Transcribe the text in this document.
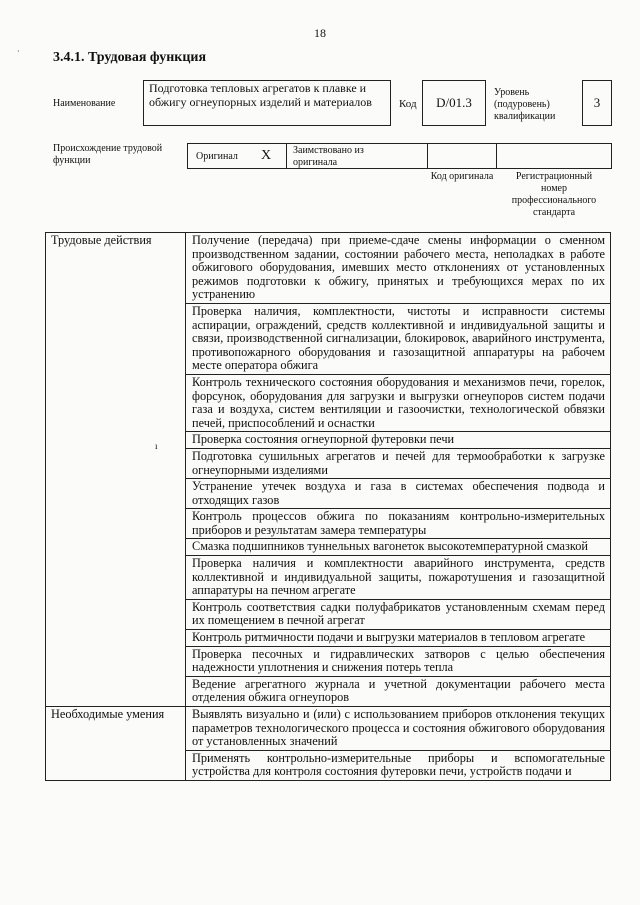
18
3.4.1. Трудовая функция
·
Наименование
Подготовка тепловых агрегатов к плавке и обжигу огнеупорных изделий и материалов	Код D/01.3
Уровень (подуровень) квалификации
3
Происхождение трудовой функции	Оригинал X Заимствовано из оригинала
Код оригинала	Регистрационный номер профессионального стандарта
Трудовые действия	Получение (передача) при приеме-сдаче смены информации о сменном производственном задании, состоянии рабочего места, неполадках в работе обжигового оборудования, имевших место отклонениях от установленных режимов подготовки к обжигу, принятых и требующихся мерах по их устранению
	Проверка наличия, комплектности, чистоты и исправности системы аспирации, ограждений, средств коллективной и индивидуальной защиты и связи, производственной сигнализации, блокировок, аварийного инструмента, противопожарного оборудования и газозащитной аппаратуры на рабочем месте оператора обжига
	Контроль технического состояния оборудования и механизмов печи, горелок, форсунок, оборудования для загрузки и выгрузки огнеупоров систем подачи газа и воздуха, систем вентиляции и газоочистки, технологической обвязки печей, приспособлений и оснастки
	Проверка состояния огнеупорной футеровки печи
	Подготовка сушильных агрегатов и печей для термообработки к загрузке огнеупорными изделиями
	Устранение утечек воздуха и газа в системах обеспечения подвода и отходящих газов
	Контроль процессов обжига по показаниям контрольно-измерительных приборов и результатам замера температуры
	Смазка подшипников туннельных вагонеток высокотемпературной смазкой
	Проверка наличия и комплектности аварийного инструмента, средств коллективной и индивидуальной защиты, пожаротушения и газозащитной аппаратуры на печном агрегате
	Контроль соответствия садки полуфабрикатов установленным схемам перед их помещением в печной агрегат
	Контроль ритмичности подачи и выгрузки материалов в тепловом агрегате
	Проверка песочных и гидравлических затворов с целью обеспечения надежности уплотнения и снижения потерь тепла
	Ведение агрегатного журнала и учетной документации рабочего места отделения обжига огнеупоров
Необходимые умения	Выявлять визуально и (или) с использованием приборов отклонения текущих параметров технологического процесса и состояния обжигового оборудования от установленных значений
	Применять контрольно-измерительные приборы и вспомогательные устройства для контроля состояния футеровки печи, устройств подачи и
ı
